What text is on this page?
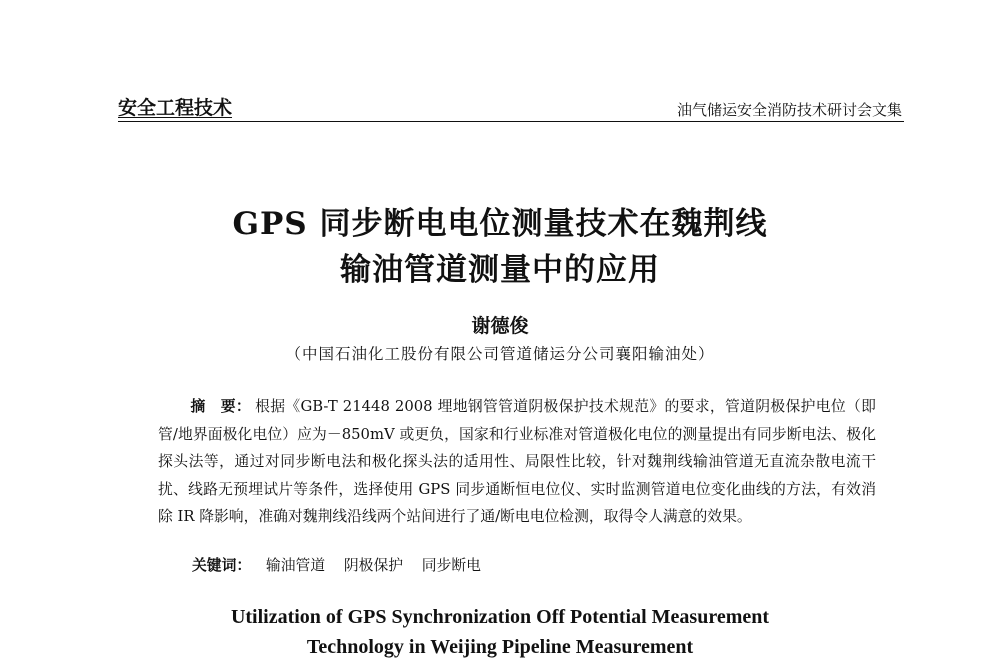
安全工程技术	油气储运安全消防技术研讨会文集
GPS 同步断电电位测量技术在魏荆线
输油管道测量中的应用
谢德俊
（中国石油化工股份有限公司管道储运分公司襄阳输油处）

摘　要： 根据《GB-T 21448 2008 埋地钢管管道阴极保护技术规范》的要求，管道阴极保护电位（即管/地界面极化电位）应为－850mV 或更负，国家和行业标准对管道极化电位的测量提出有同步断电法、极化探头法等，通过对同步断电法和极化探头法的适用性、局限性比较，针对魏荆线输油管道无直流杂散电流干扰、线路无预埋试片等条件，选择使用 GPS 同步通断恒电位仪、实时监测管道电位变化曲线的方法，有效消除 IR 降影响，准确对魏荆线沿线两个站间进行了通/断电电位检测，取得令人满意的效果。

关键词： 输油管道 阴极保护 同步断电
Utilization of GPS Synchronization Off Potential Measurement
Technology in Weijing Pipeline Measurement
